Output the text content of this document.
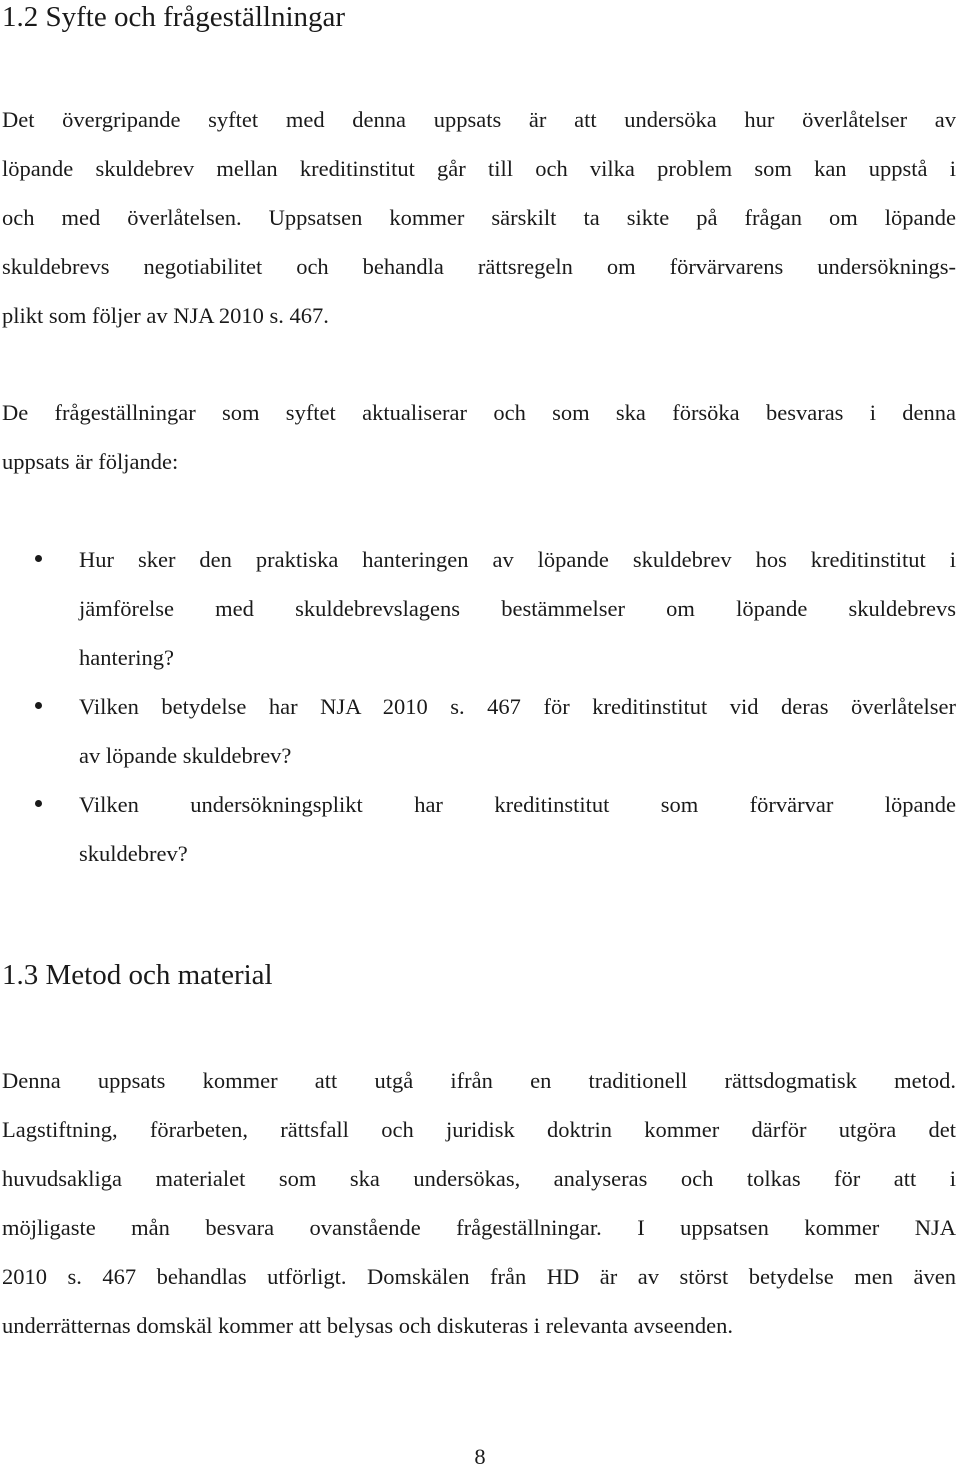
1.2 Syfte och frågeställningar
Det övergripande syftet med denna uppsats är att undersöka hur överlåtelser av
löpande skuldebrev mellan kreditinstitut går till och vilka problem som kan uppstå i
och med överlåtelsen. Uppsatsen kommer särskilt ta sikte på frågan om löpande
skuldebrevs negotiabilitet och behandla rättsregeln om förvärvarens undersöknings-
plikt som följer av NJA 2010 s. 467.
De frågeställningar som syftet aktualiserar och som ska försöka besvaras i denna
uppsats är följande:
Hur sker den praktiska hanteringen av löpande skuldebrev hos kreditinstitut i
jämförelse med skuldebrevslagens bestämmelser om löpande skuldebrevs
hantering?
Vilken betydelse har NJA 2010 s. 467 för kreditinstitut vid deras överlåtelser
av löpande skuldebrev?
Vilken undersökningsplikt har kreditinstitut som förvärvar löpande
skuldebrev?
1.3 Metod och material
Denna uppsats kommer att utgå ifrån en traditionell rättsdogmatisk metod.
Lagstiftning, förarbeten, rättsfall och juridisk doktrin kommer därför utgöra det
huvudsakliga materialet som ska undersökas, analyseras och tolkas för att i
möjligaste mån besvara ovanstående frågeställningar. I uppsatsen kommer NJA
2010 s. 467 behandlas utförligt. Domskälen från HD är av störst betydelse men även
underrätternas domskäl kommer att belysas och diskuteras i relevanta avseenden.
8
